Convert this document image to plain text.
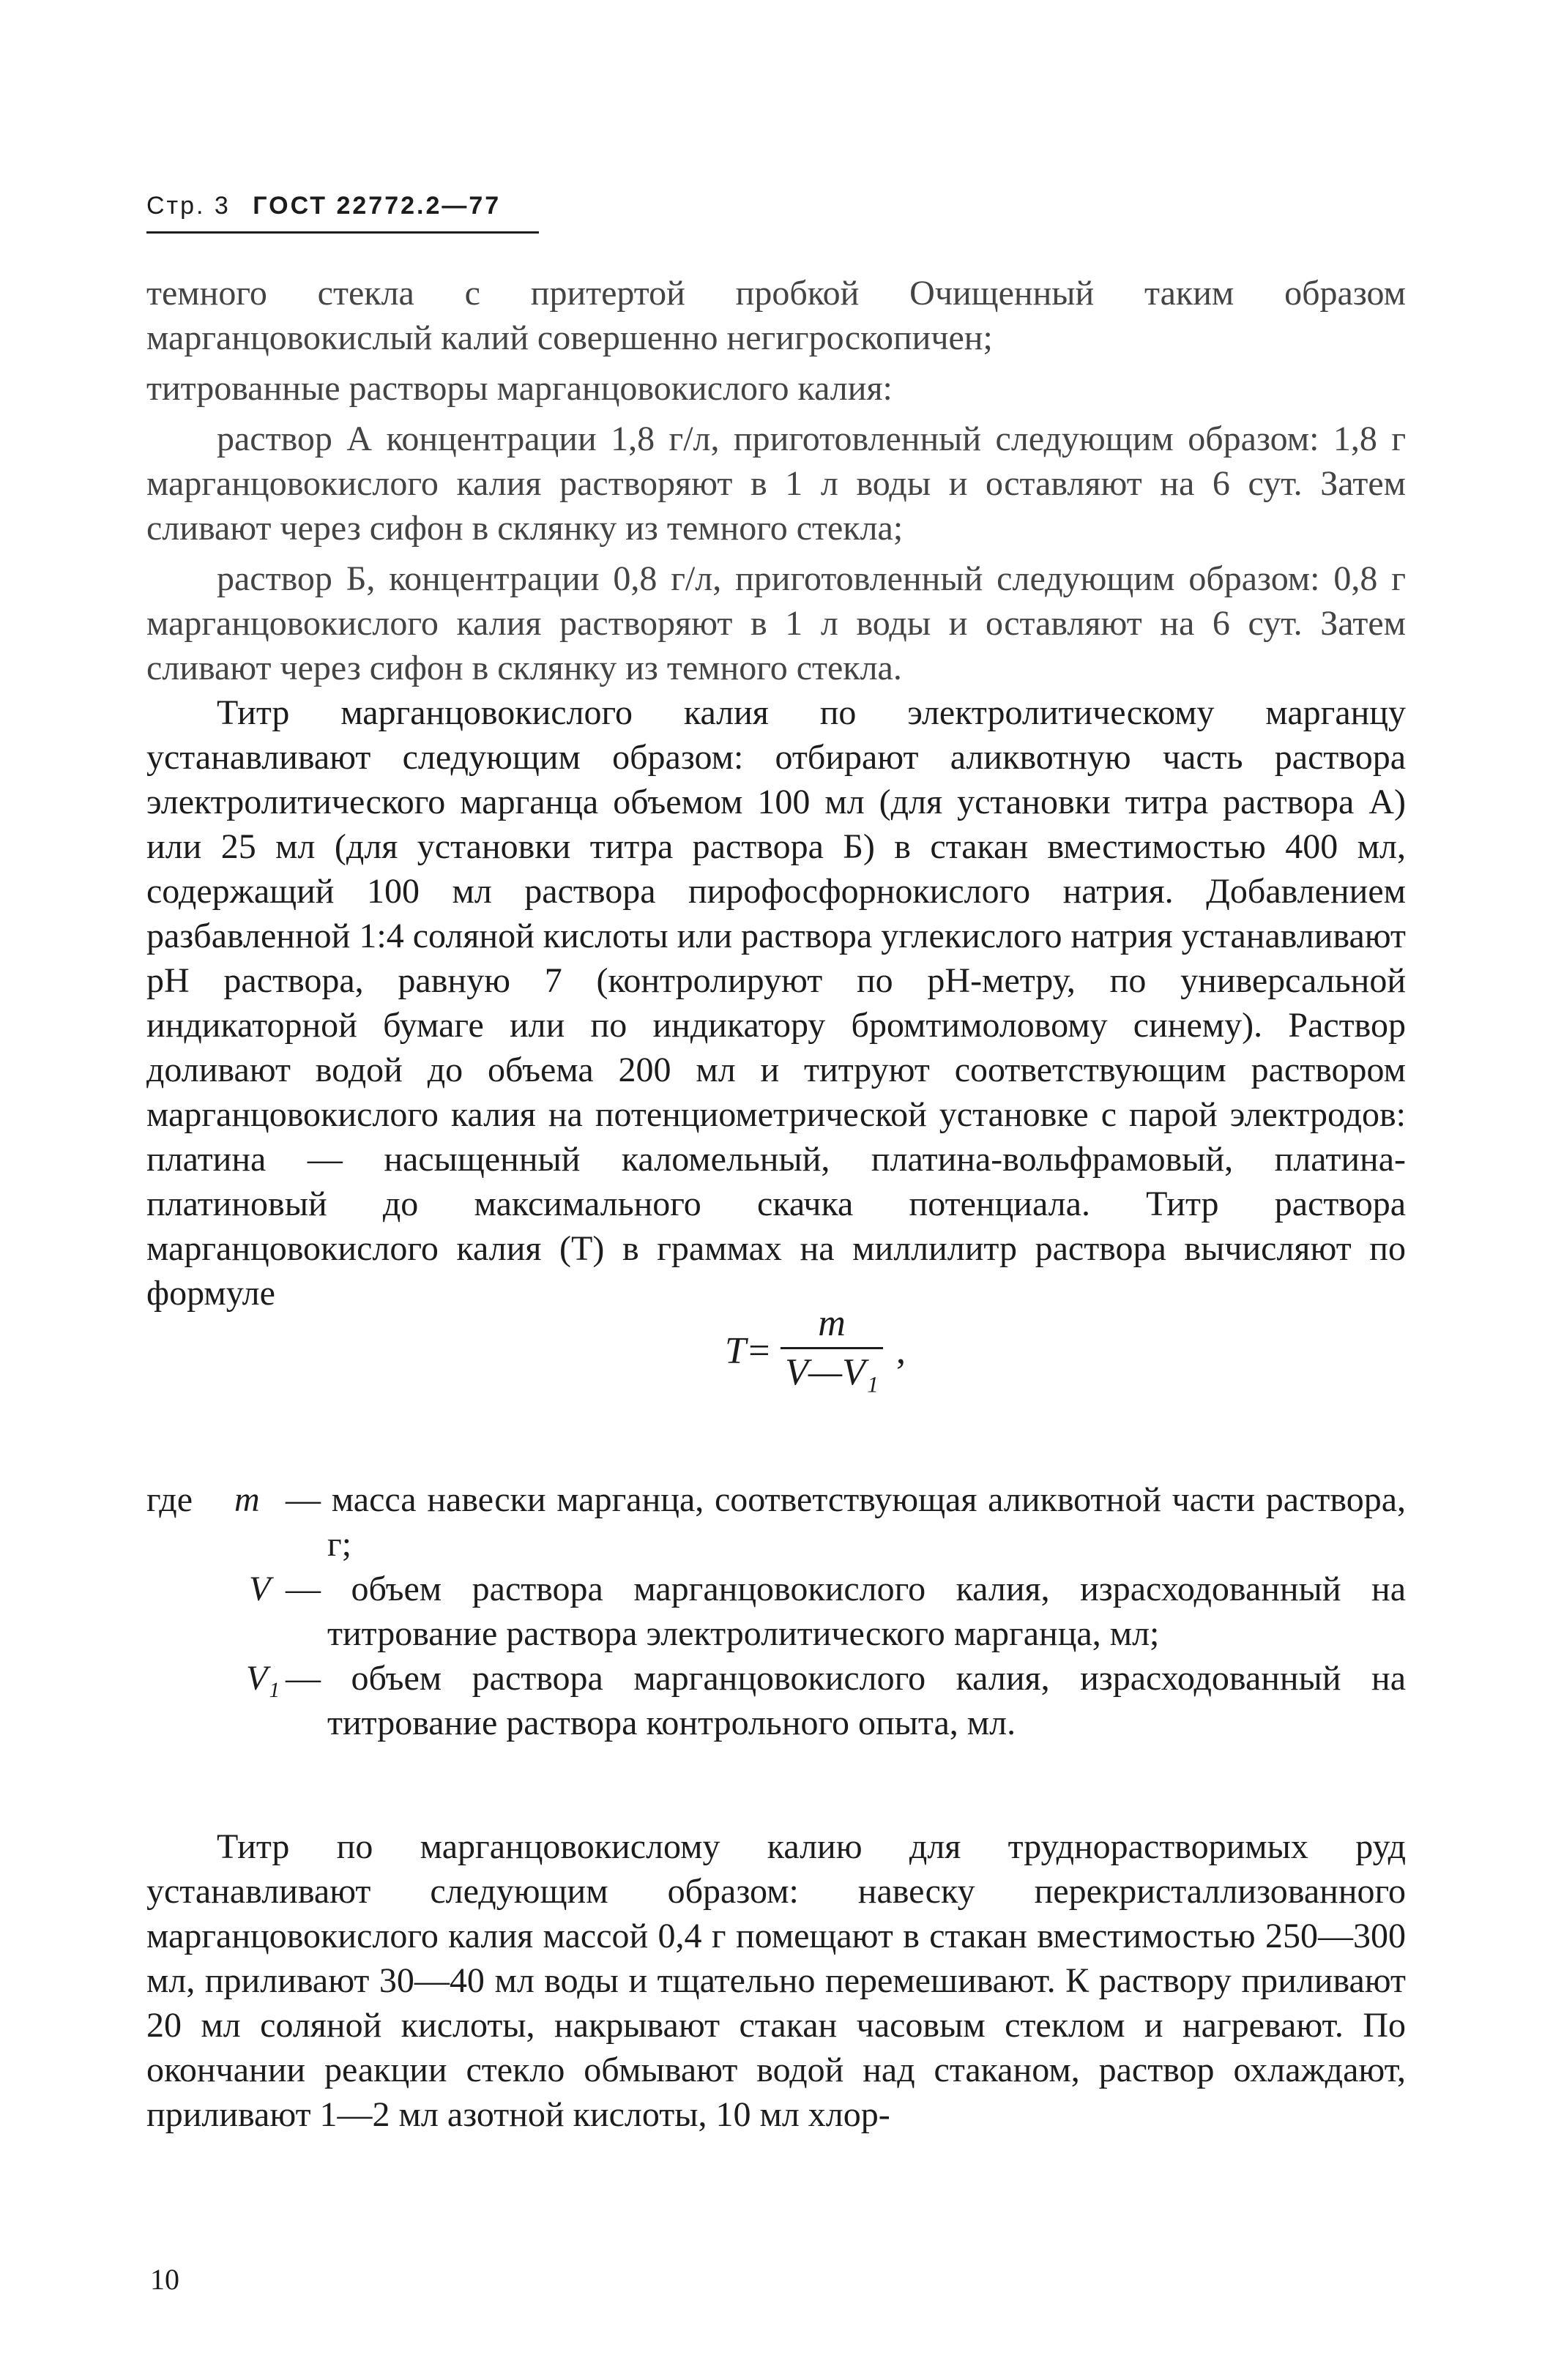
Стр. 3 ГОСТ 22772.2—77

темного стекла с притертой пробкой Очищенный таким образом марганцовокислый калий совершенно негигроскопичен;

титрованные растворы марганцовокислого калия:

раствор А концентрации 1,8 г/л, приготовленный следующим образом: 1,8 г марганцовокислого калия растворяют в 1 л воды и оставляют на 6 сут. Затем сливают через сифон в склянку из темного стекла;

раствор Б, концентрации 0,8 г/л, приготовленный следующим образом: 0,8 г марганцовокислого калия растворяют в 1 л воды и оставляют на 6 сут. Затем сливают через сифон в склянку из темного стекла.

Титр марганцовокислого калия по электролитическому марганцу устанавливают следующим образом: отбирают аликвотную часть раствора электролитического марганца объемом 100 мл (для установки титра раствора А) или 25 мл (для установки титра раствора Б) в стакан вместимостью 400 мл, содержащий 100 мл раствора пирофосфорнокислого натрия. Добавлением разбавленной 1:4 соляной кислоты или раствора углекислого натрия устанавливают рН раствора, равную 7 (контролируют по рН-метру, по универсальной индикаторной бумаге или по индикатору бромтимоловому синему). Раствор доливают водой до объема 200 мл и титруют соответствующим раствором марганцовокислого калия на потенциометрической установке с парой электродов: платина — насыщенный каломельный, платина-вольфрамовый, платина-платиновый до максимального скачка потенциала. Титр раствора марганцовокислого калия (Т) в граммах на миллилитр раствора вычисляют по формуле

T=
m
V—V₁
,
где m — масса навески марганца, соответствующая аликвотной части раствора, г;
V — объем раствора марганцовокислого калия, израсходованный на титрование раствора электролитического марганца, мл;
V₁ — объем раствора марганцовокислого калия, израсходованный на титрование раствора контрольного опыта, мл.

Титр по марганцовокислому калию для труднорастворимых руд устанавливают следующим образом: навеску перекристаллизованного марганцовокислого калия массой 0,4 г помещают в стакан вместимостью 250—300 мл, приливают 30—40 мл воды и тщательно перемешивают. К раствору приливают 20 мл соляной кислоты, накрывают стакан часовым стеклом и нагревают. По окончании реакции стекло обмывают водой над стаканом, раствор охлаждают, приливают 1—2 мл азотной кислоты, 10 мл хлор-

10
